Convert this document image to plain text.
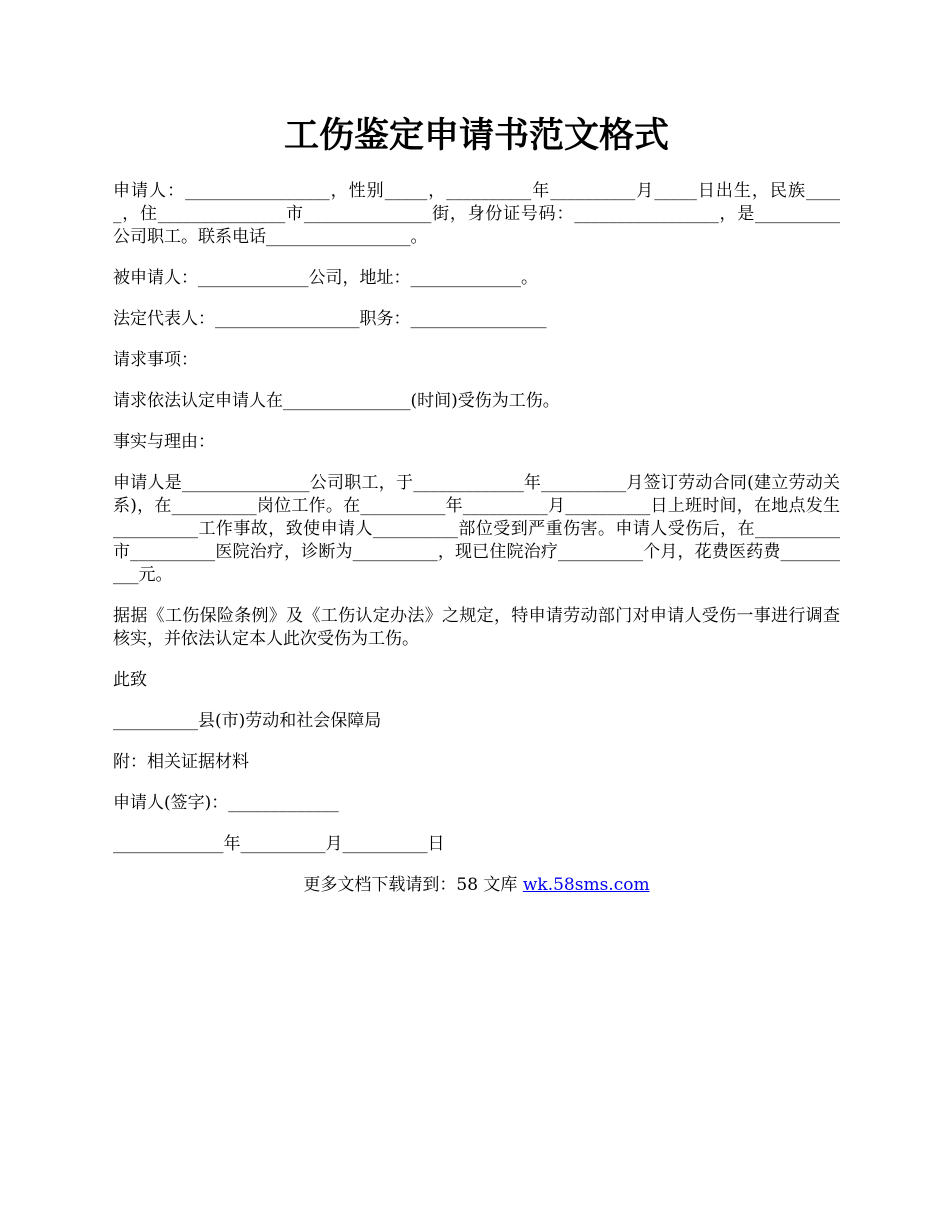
工伤鉴定申请书范文格式

申请人：_________________，性别_____，__________年__________月_____日出生，民族_____，住_______________市_______________街，身份证号码：_________________，是__________公司职工。联系电话_________________。

被申请人：_____________公司，地址：_____________。

法定代表人：_________________职务：________________

请求事项：

请求依法认定申请人在_______________(时间)受伤为工伤。

事实与理由：

申请人是_______________公司职工，于_____________年__________月签订劳动合同(建立劳动关系)，在__________岗位工作。在__________年__________月__________日上班时间，在地点发生__________工作事故，致使申请人__________部位受到严重伤害。申请人受伤后，在__________市__________医院治疗，诊断为__________，现已住院治疗__________个月，花费医药费__________元。

据据《工伤保险条例》及《工伤认定办法》之规定，特申请劳动部门对申请人受伤一事进行调查核实，并依法认定本人此次受伤为工伤。

此致

__________县(市)劳动和社会保障局

附：相关证据材料

申请人(签字)：_____________

_____________年__________月__________日

更多文档下载请到：58 文库 wk.58sms.com
